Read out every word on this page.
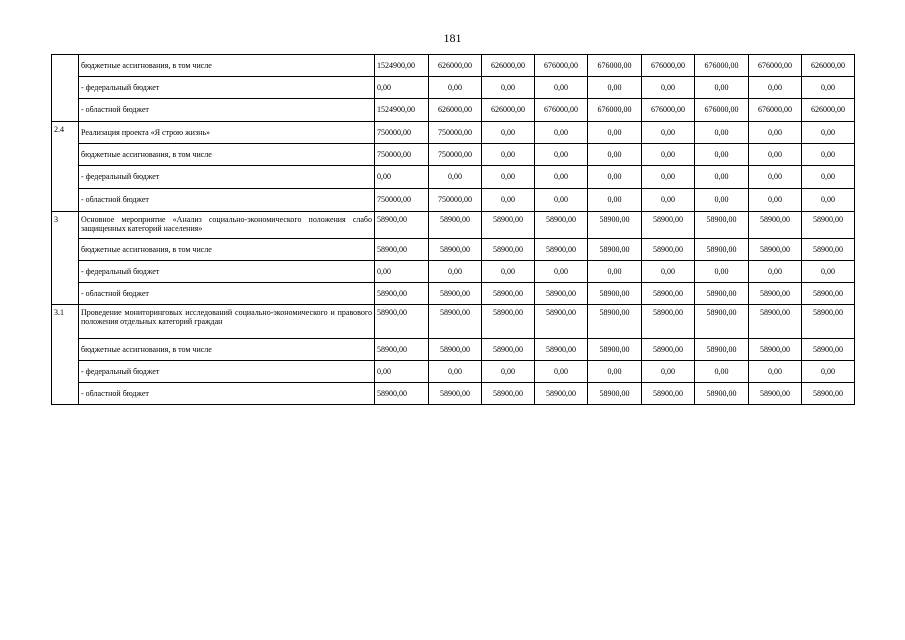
181
	бюджетные ассигнования, в том числе	1524900,00	626000,00	626000,00	676000,00	676000,00	676000,00	676000,00	676000,00	626000,00
	- федеральный бюджет	0,00	0,00	0,00	0,00	0,00	0,00	0,00	0,00	0,00
	- областной бюджет	1524900,00	626000,00	626000,00	676000,00	676000,00	676000,00	676000,00	676000,00	626000,00
2.4	Реализация проекта «Я строю жизнь»	750000,00	750000,00	0,00	0,00	0,00	0,00	0,00	0,00	0,00
	бюджетные ассигнования, в том числе	750000,00	750000,00	0,00	0,00	0,00	0,00	0,00	0,00	0,00
	- федеральный бюджет	0,00	0,00	0,00	0,00	0,00	0,00	0,00	0,00	0,00
	- областной бюджет	750000,00	750000,00	0,00	0,00	0,00	0,00	0,00	0,00	0,00
3	Основное мероприятие «Анализ социально-экономического положения слабо защищенных категорий населения»	58900,00	58900,00	58900,00	58900,00	58900,00	58900,00	58900,00	58900,00	58900,00
	бюджетные ассигнования, в том числе	58900,00	58900,00	58900,00	58900,00	58900,00	58900,00	58900,00	58900,00	58900,00
	- федеральный бюджет	0,00	0,00	0,00	0,00	0,00	0,00	0,00	0,00	0,00
	- областной бюджет	58900,00	58900,00	58900,00	58900,00	58900,00	58900,00	58900,00	58900,00	58900,00
3.1	Проведение мониторинговых исследований социально-экономического и правового положения отдельных категорий граждан	58900,00	58900,00	58900,00	58900,00	58900,00	58900,00	58900,00	58900,00	58900,00
	бюджетные ассигнования, в том числе	58900,00	58900,00	58900,00	58900,00	58900,00	58900,00	58900,00	58900,00	58900,00
	- федеральный бюджет	0,00	0,00	0,00	0,00	0,00	0,00	0,00	0,00	0,00
	- областной бюджет	58900,00	58900,00	58900,00	58900,00	58900,00	58900,00	58900,00	58900,00	58900,00
